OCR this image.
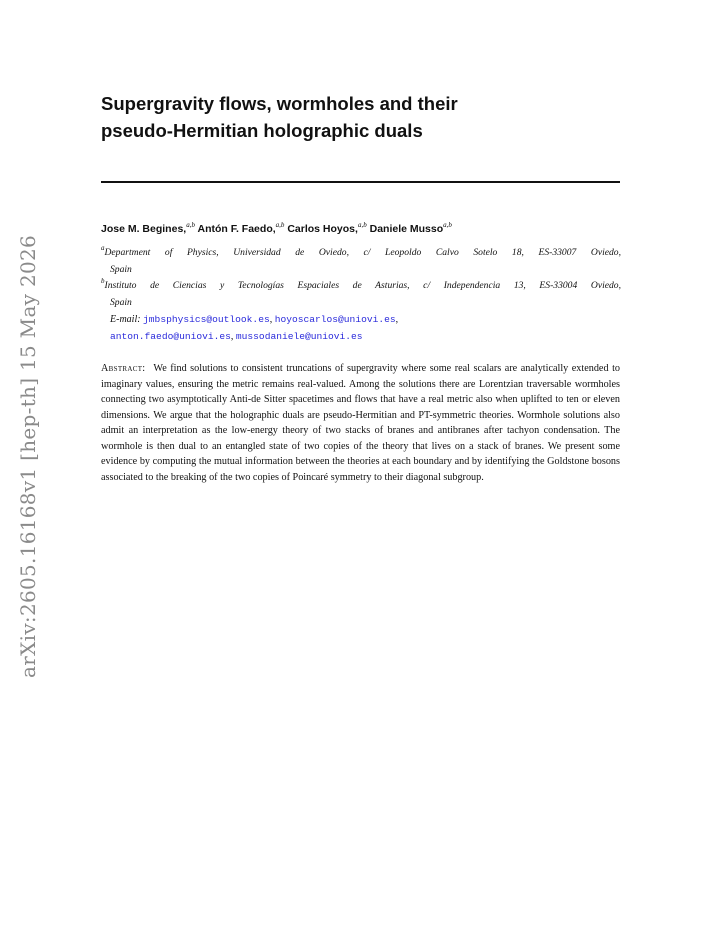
arXiv:2605.16168v1 [hep-th] 15 May 2026
Supergravity flows, wormholes and their
pseudo-Hermitian holographic duals
Jose M. Begines,$^{a,b}$ Antón F. Faedo,$^{a,b}$ Carlos Hoyos,$^{a,b}$ Daniele Musso$^{a,b}$
$^a$Department of Physics, Universidad de Oviedo, c/ Leopoldo Calvo Sotelo 18, ES-33007 Oviedo,
Spain
$^b$Instituto de Ciencias y Tecnologías Espaciales de Asturias, c/ Independencia 13, ES-33004 Oviedo,
Spain
E-mail: jmbsphysics@outlook.es, hoyoscarlos@uniovi.es,
anton.faedo@uniovi.es, mussodaniele@uniovi.es
Abstract: We find solutions to consistent truncations of supergravity where some real scalars are analytically extended to imaginary values, ensuring the metric remains real-valued. Among the solutions there are Lorentzian traversable wormholes connecting two asymptotically Anti-de Sitter spacetimes and flows that have a real metric also when uplifted to ten or eleven dimensions. We argue that the holographic duals are pseudo-Hermitian and PT-symmetric theories. Wormhole solutions also admit an interpretation as the low-energy theory of two stacks of branes and antibranes after tachyon condensation. The wormhole is then dual to an entangled state of two copies of the theory that lives on a stack of branes. We present some evidence by computing the mutual information between the theories at each boundary and by identifying the Goldstone bosons associated to the breaking of the two copies of Poincaré symmetry to their diagonal subgroup.
